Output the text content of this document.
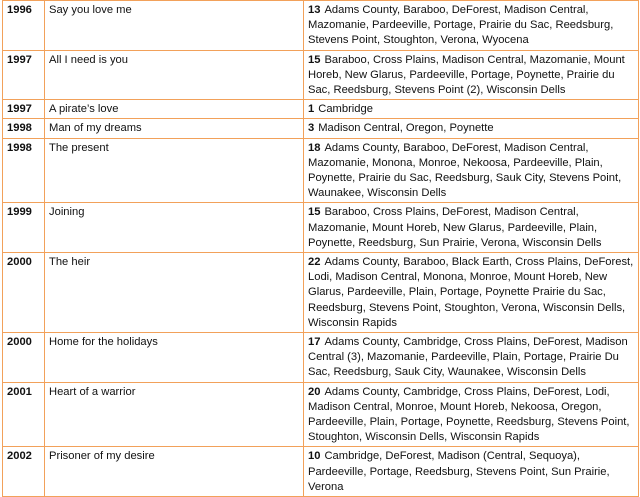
1996	Say you love me	13 Adams County, Baraboo, DeForest, Madison Central, Mazomanie, Pardeeville, Portage, Prairie du Sac, Reedsburg, Stevens Point, Stoughton, Verona, Wyocena
1997	All I need is you	15 Baraboo, Cross Plains, Madison Central, Mazomanie, Mount Horeb, New Glarus, Pardeeville, Portage, Poynette, Prairie du Sac, Reedsburg, Stevens Point (2), Wisconsin Dells
1997	A pirate’s love	1 Cambridge
1998	Man of my dreams	3 Madison Central, Oregon, Poynette
1998	The present	18 Adams County, Baraboo, DeForest, Madison Central, Mazomanie, Monona, Monroe, Nekoosa, Pardeeville, Plain, Poynette, Prairie du Sac, Reedsburg, Sauk City, Stevens Point, Waunakee, Wisconsin Dells
1999	Joining	15 Baraboo, Cross Plains, DeForest, Madison Central, Mazomanie, Mount Horeb, New Glarus, Pardeeville, Plain, Poynette, Reedsburg, Sun Prairie, Verona, Wisconsin Dells
2000	The heir	22 Adams County, Baraboo, Black Earth, Cross Plains, DeForest, Lodi, Madison Central, Monona, Monroe, Mount Horeb, New Glarus, Pardeeville, Plain, Portage, Poynette Prairie du Sac, Reedsburg, Stevens Point, Stoughton, Verona, Wisconsin Dells, Wisconsin Rapids
2000	Home for the holidays	17 Adams County, Cambridge, Cross Plains, DeForest, Madison Central (3), Mazomanie, Pardeeville, Plain, Portage, Prairie Du Sac, Reedsburg, Sauk City, Waunakee, Wisconsin Dells
2001	Heart of a warrior	20 Adams County, Cambridge, Cross Plains, DeForest, Lodi, Madison Central, Monroe, Mount Horeb, Nekoosa, Oregon, Pardeeville, Plain, Portage, Poynette, Reedsburg, Stevens Point, Stoughton, Wisconsin Dells, Wisconsin Rapids
2002	Prisoner of my desire	10 Cambridge, DeForest, Madison (Central, Sequoya), Pardeeville, Portage, Reedsburg, Stevens Point, Sun Prairie, Verona
